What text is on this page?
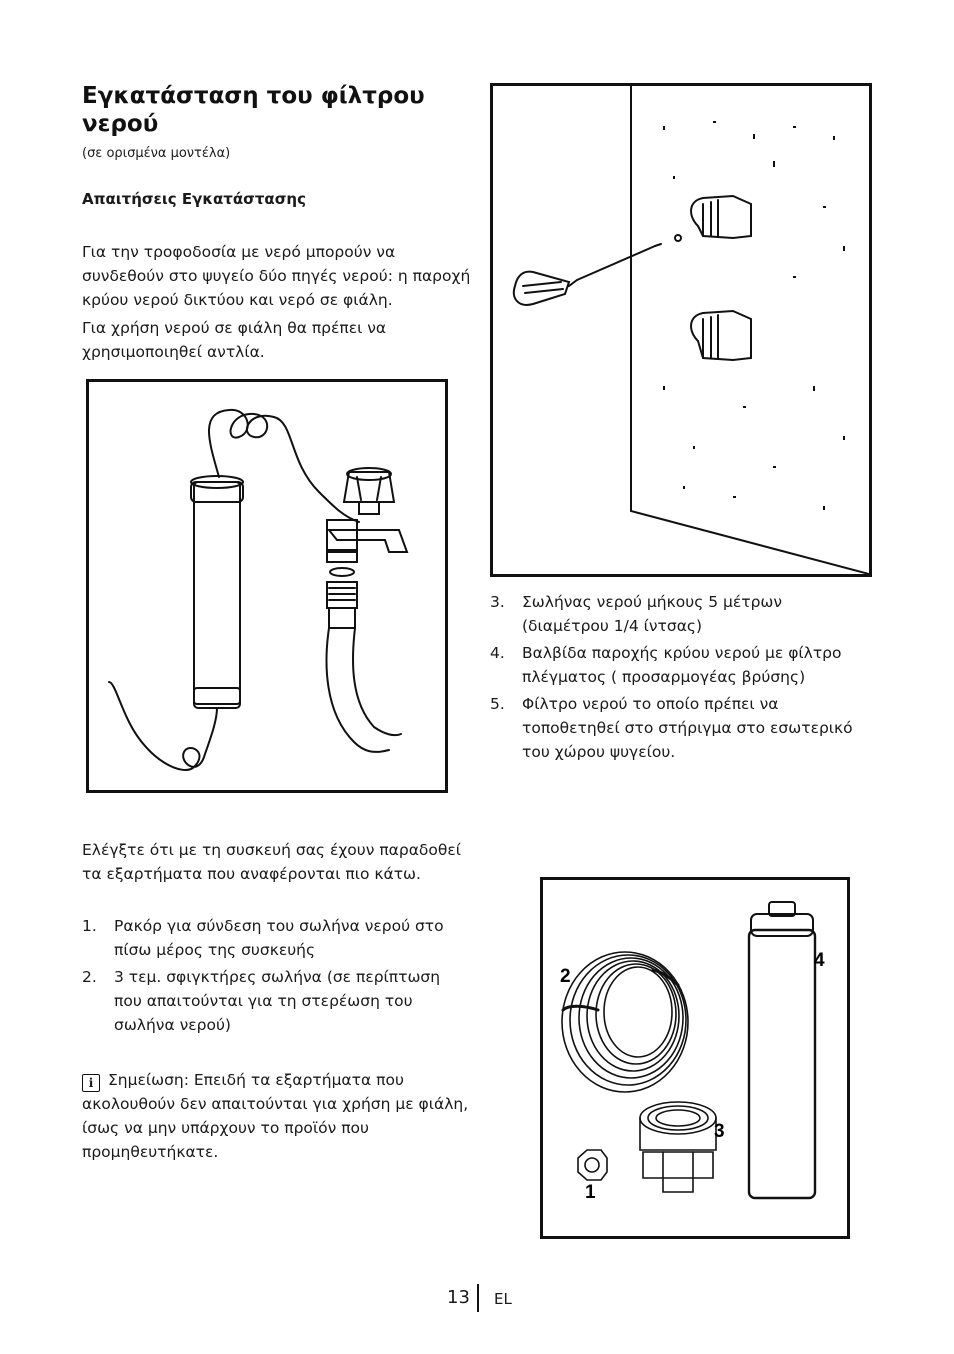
Εγκατάσταση του φίλτρου νερού
(σε ορισμένα μοντέλα)
Απαιτήσεις Εγκατάστασης
Για την τροφοδοσία με νερό μπορούν να συνδεθούν στο ψυγείο δύο πηγές νερού: η παροχή κρύου νερού δικτύου και νερό σε φιάλη.
Για χρήση νερού σε φιάλη θα πρέπει να χρησιμοποιηθεί αντλία.
3. Σωλήνας νερού μήκους 5 μέτρων (διαμέτρου 1/4 ίντσας)
4. Βαλβίδα παροχής κρύου νερού με φίλτρο πλέγματος ( προσαρμογέας βρύσης)
5. Φίλτρο νερού το οποίο πρέπει να τοποθετηθεί στο στήριγμα στο εσωτερικό του χώρου ψυγείου.
Ελέγξτε ότι με τη συσκευή σας έχουν παραδοθεί τα εξαρτήματα που αναφέρονται πιο κάτω.
1. Ρακόρ για σύνδεση του σωλήνα νερού στο πίσω μέρος της συσκευής
2. 3 τεμ. σφιγκτήρες σωλήνα (σε περίπτωση που απαιτούνται για τη στερέωση του σωλήνα νερού)
i Σημείωση: Επειδή τα εξαρτήματα που ακολουθούν δεν απαιτούνται για χρήση με φιάλη, ίσως να μην υπάρχουν το προϊόν που προμηθευτήκατε.
2
4
3
1
13 EL
